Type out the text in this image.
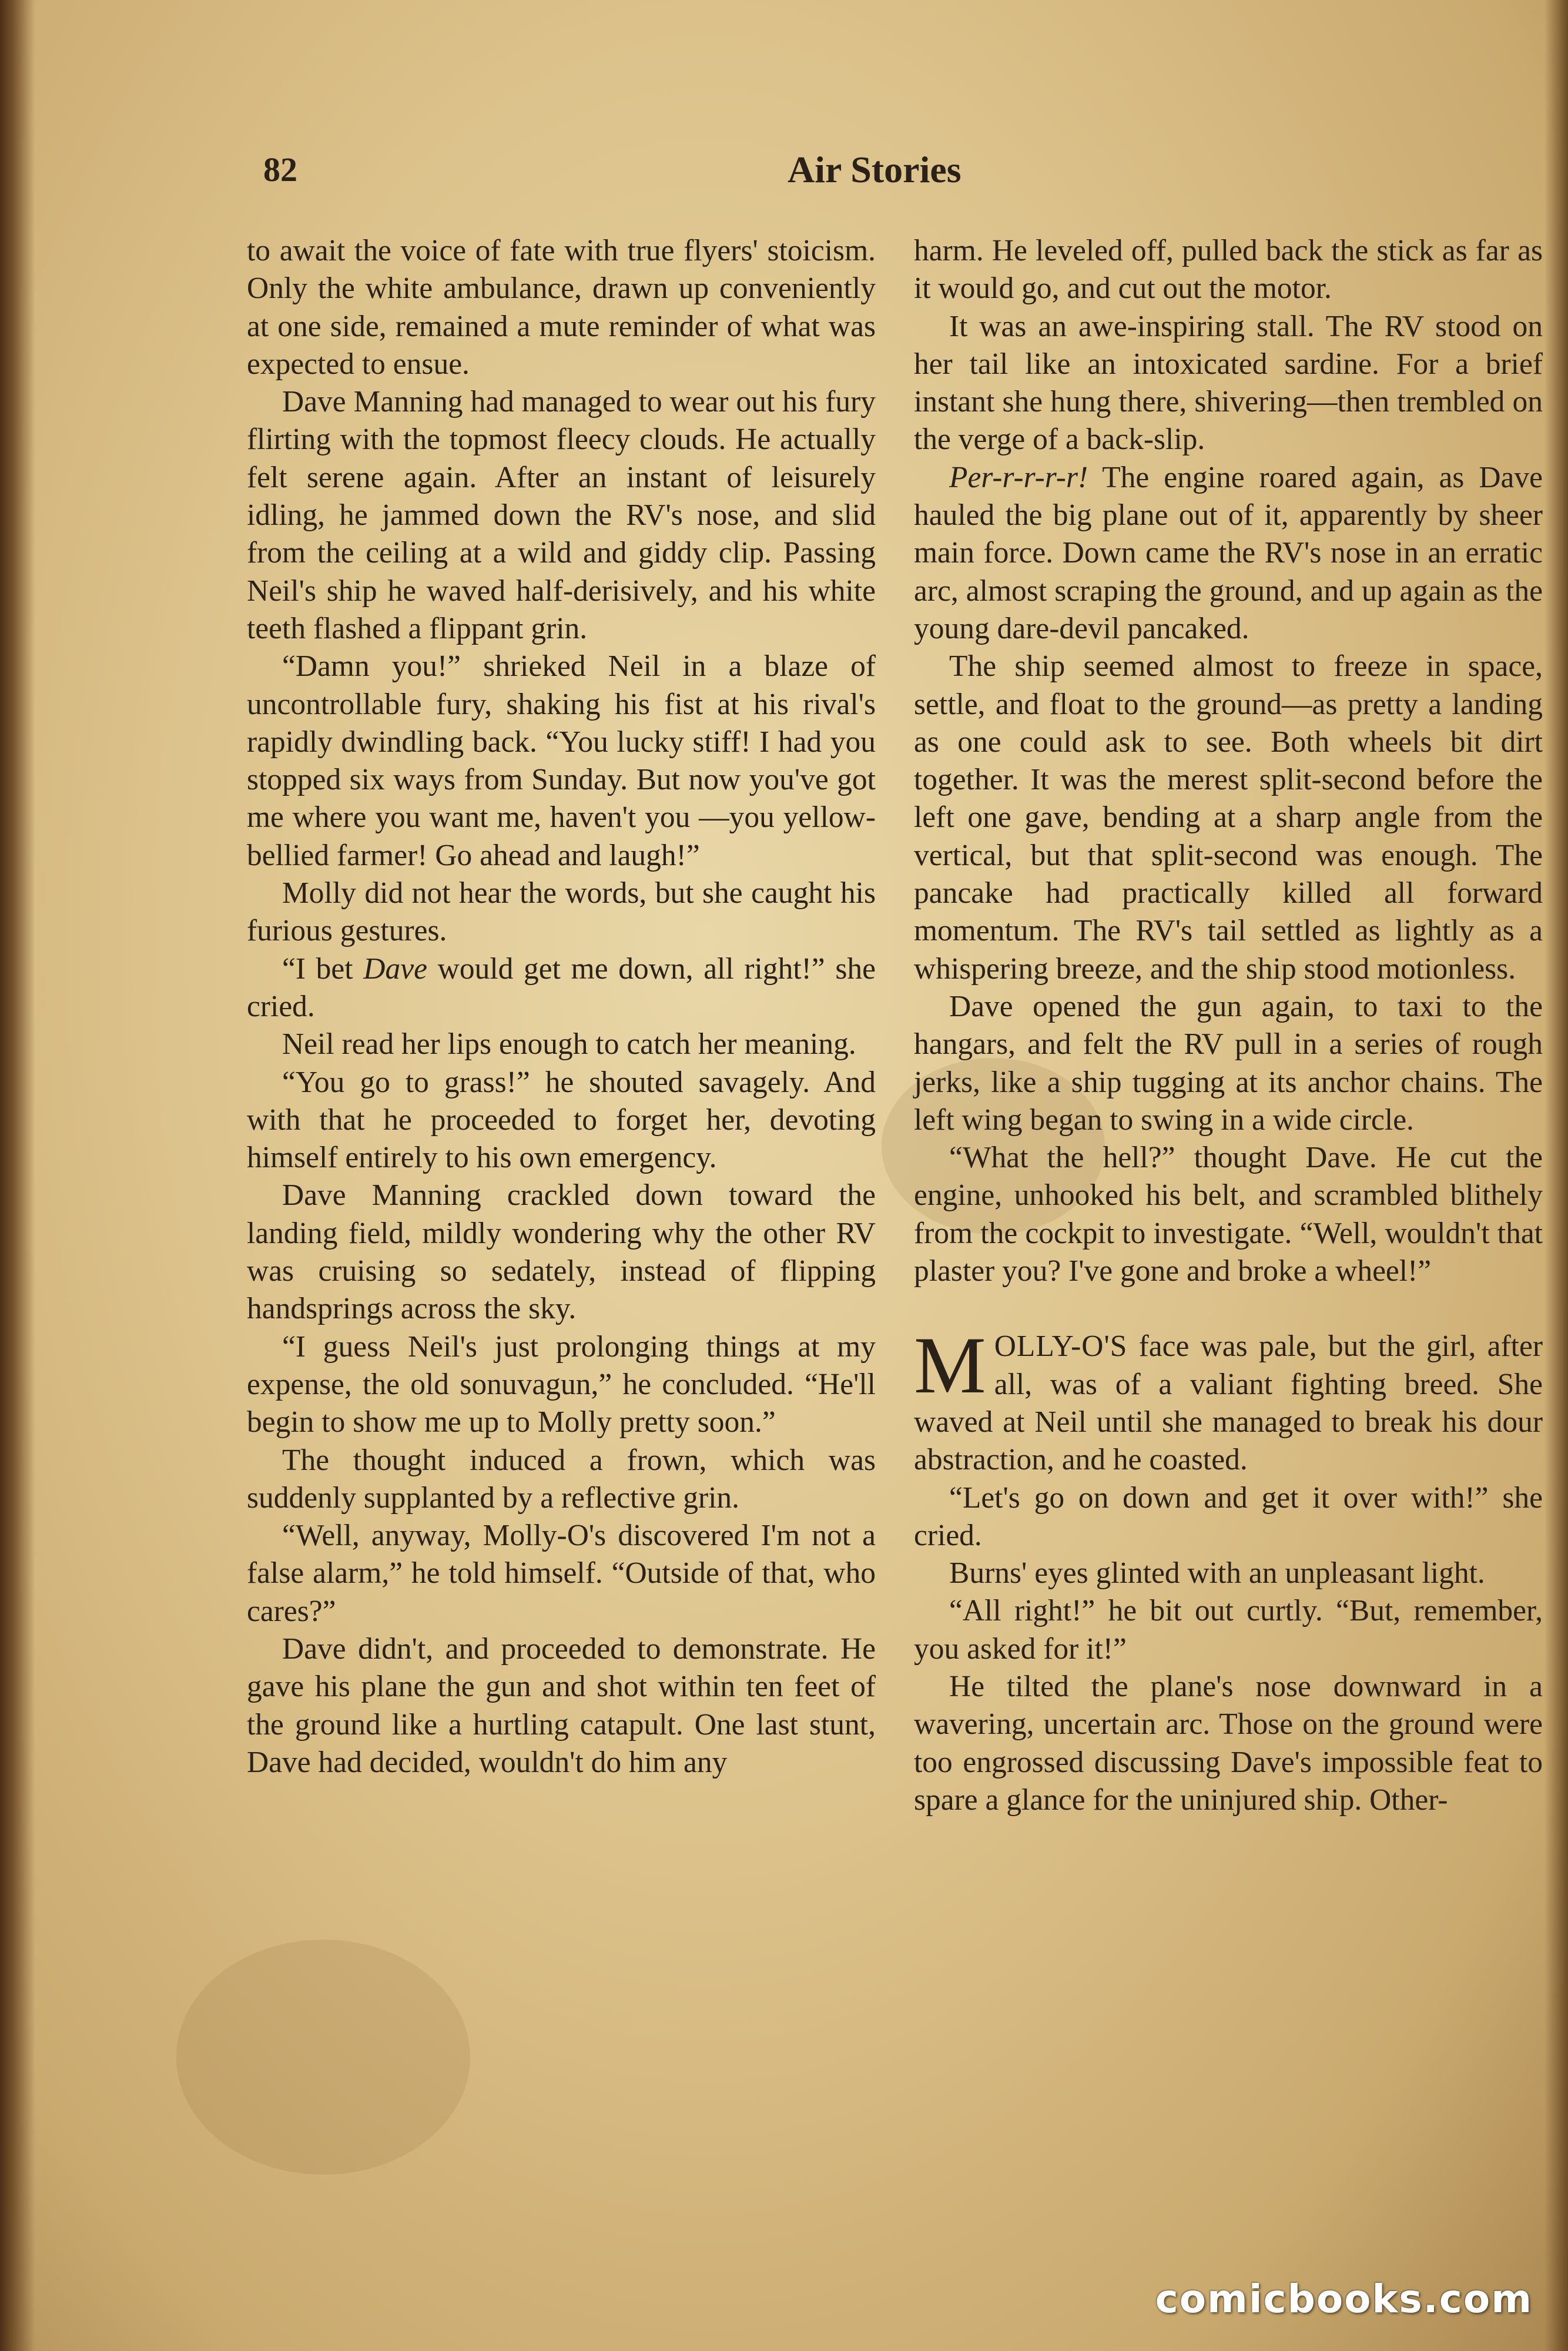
82	Air Stories

to await the voice of fate with true flyers' stoicism. Only the white ambulance, drawn up conveniently at one side, remained a mute reminder of what was expected to ensue.

Dave Manning had managed to wear out his fury flirting with the topmost fleecy clouds. He actually felt serene again. After an instant of leisurely idling, he jammed down the RV's nose, and slid from the ceiling at a wild and giddy clip. Passing Neil's ship he waved half-derisively, and his white teeth flashed a flippant grin.

“Damn you!” shrieked Neil in a blaze of uncontrollable fury, shaking his fist at his rival's rapidly dwindling back. “You lucky stiff! I had you stopped six ways from Sunday. But now you've got me where you want me, haven't you —you yellow-bellied farmer! Go ahead and laugh!”

Molly did not hear the words, but she caught his furious gestures.

“I bet Dave would get me down, all right!” she cried.

Neil read her lips enough to catch her meaning.

“You go to grass!” he shouted savagely. And with that he proceeded to forget her, devoting himself entirely to his own emergency.

Dave Manning crackled down toward the landing field, mildly wondering why the other RV was cruising so sedately, instead of flipping handsprings across the sky.

“I guess Neil's just prolonging things at my expense, the old sonuvagun,” he concluded. “He'll begin to show me up to Molly pretty soon.”

The thought induced a frown, which was suddenly supplanted by a reflective grin.

“Well, anyway, Molly-O's discovered I'm not a false alarm,” he told himself. “Outside of that, who cares?”

Dave didn't, and proceeded to demonstrate. He gave his plane the gun and shot within ten feet of the ground like a hurtling catapult. One last stunt, Dave had decided, wouldn't do him any

harm. He leveled off, pulled back the stick as far as it would go, and cut out the motor.

It was an awe-inspiring stall. The RV stood on her tail like an intoxicated sardine. For a brief instant she hung there, shivering—then trembled on the verge of a back-slip.

Per-r-r-r-r! The engine roared again, as Dave hauled the big plane out of it, apparently by sheer main force. Down came the RV's nose in an erratic arc, almost scraping the ground, and up again as the young dare-devil pancaked.

The ship seemed almost to freeze in space, settle, and float to the ground—as pretty a landing as one could ask to see. Both wheels bit dirt together. It was the merest split-second before the left one gave, bending at a sharp angle from the vertical, but that split-second was enough. The pancake had practically killed all forward momentum. The RV's tail settled as lightly as a whispering breeze, and the ship stood motionless.

Dave opened the gun again, to taxi to the hangars, and felt the RV pull in a series of rough jerks, like a ship tugging at its anchor chains. The left wing began to swing in a wide circle.

“What the hell?” thought Dave. He cut the engine, unhooked his belt, and scrambled blithely from the cockpit to investigate. “Well, wouldn't that plaster you? I've gone and broke a wheel!”

MOLLY-O'S face was pale, but the girl, after all, was of a valiant fighting breed. She waved at Neil until she managed to break his dour abstraction, and he coasted.

“Let's go on down and get it over with!” she cried.

Burns' eyes glinted with an unpleasant light.

“All right!” he bit out curtly. “But, remember, you asked for it!”

He tilted the plane's nose downward in a wavering, uncertain arc. Those on the ground were too engrossed discussing Dave's impossible feat to spare a glance for the uninjured ship. Other-

comicbooks.com
